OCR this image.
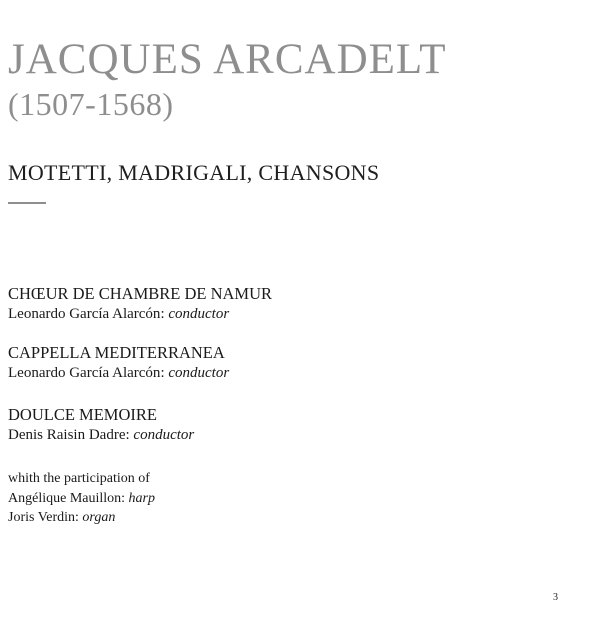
JACQUES ARCADELT
(1507-1568)
MOTETTI, MADRIGALI, CHANSONS
CHŒUR DE CHAMBRE DE NAMUR
Leonardo García Alarcón: conductor
CAPPELLA MEDITERRANEA
Leonardo García Alarcón: conductor
DOULCE MEMOIRE
Denis Raisin Dadre: conductor
whith the participation of
Angélique Mauillon: harp
Joris Verdin: organ
3
